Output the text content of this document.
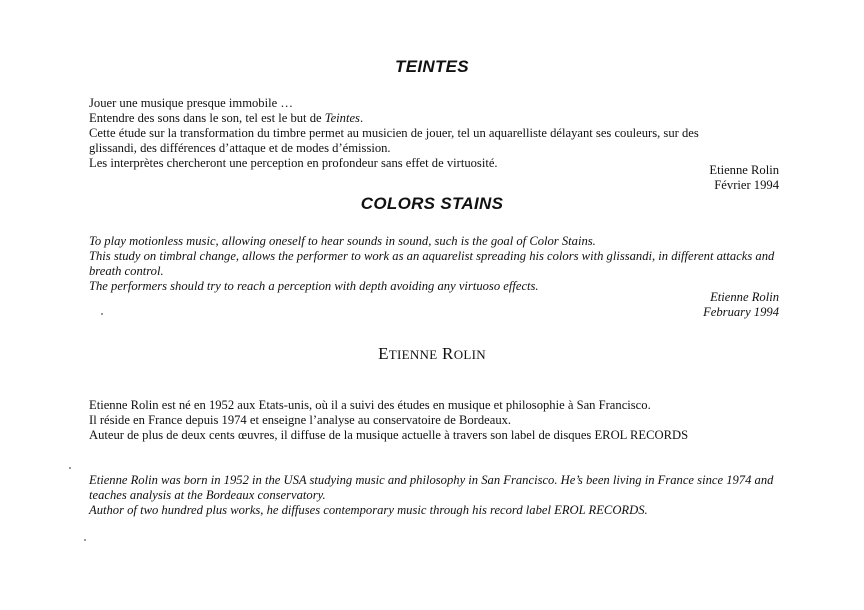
TEINTES
Jouer une musique presque immobile …
Entendre des sons dans le son, tel est le but de Teintes.
Cette étude sur la transformation du timbre permet au musicien de jouer, tel un aquarelliste délayant ses couleurs, sur des
glissandi, des différences d’attaque et de modes d’émission.
Les interprètes chercheront une perception en profondeur sans effet de virtuosité.	Etienne Rolin
Février 1994
COLORS STAINS
To play motionless music, allowing oneself to hear sounds in sound, such is the goal of Color Stains.
This study on timbral change, allows the performer to work as an aquarelist spreading his colors with glissandi, in different attacks and
breath control.
The performers should try to reach a perception with depth avoiding any virtuoso effects.
Etienne Rolin
February 1994
ETIENNE ROLIN
Etienne Rolin est né en 1952 aux Etats-unis, où il a suivi des études en musique et philosophie à San Francisco.
Il réside en France depuis 1974 et enseigne l’analyse au conservatoire de Bordeaux.
Auteur de plus de deux cents œuvres, il diffuse de la musique actuelle à travers son label de disques EROL RECORDS
Etienne Rolin was born in 1952 in the USA studying music and philosophy in San Francisco. He’s been living in France since 1974 and
teaches analysis at the Bordeaux conservatory.
Author of two hundred plus works, he diffuses contemporary music through his record label EROL RECORDS.
